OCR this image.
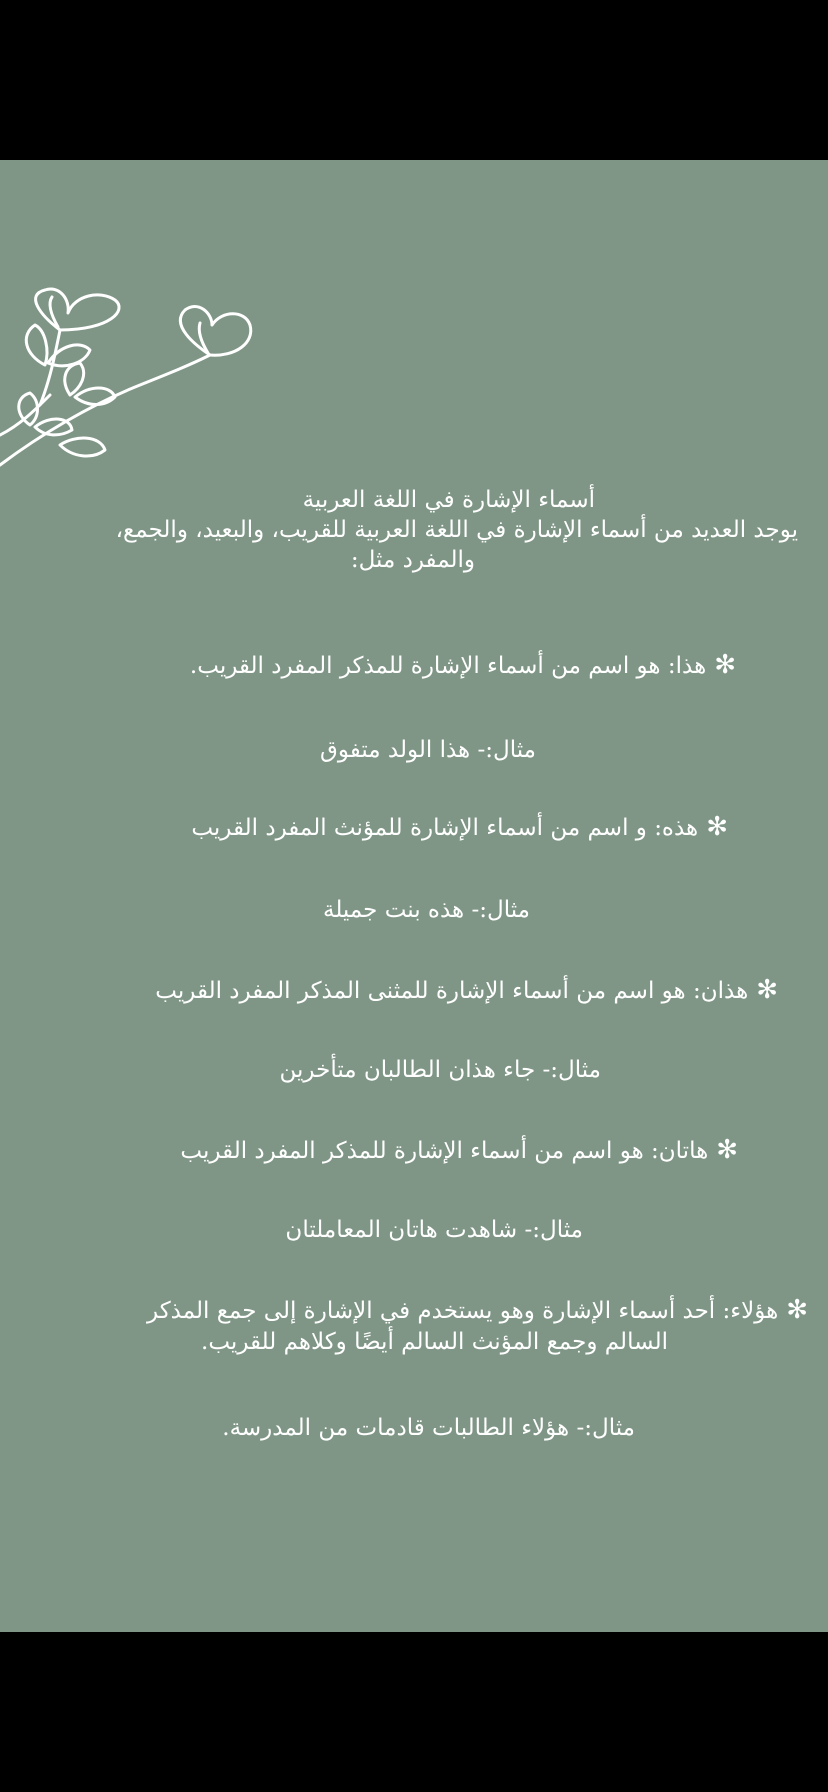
أسماء الإشارة في اللغة العربية
يوجد العديد من أسماء الإشارة في اللغة العربية للقريب، والبعيد، والجمع،
والمفرد مثل:
✻هذا: هو اسم من أسماء الإشارة للمذكر المفرد القريب.
مثال:- هذا الولد متفوق
✻هذه: و اسم من أسماء الإشارة للمؤنث المفرد القريب
مثال:- هذه بنت جميلة
✻هذان: هو اسم من أسماء الإشارة للمثنى المذكر المفرد القريب
مثال:- جاء هذان الطالبان متأخرين
✻هاتان: هو اسم من أسماء الإشارة للمذكر المفرد القريب
مثال:- شاهدت هاتان المعاملتان
✻هؤلاء: أحد أسماء الإشارة وهو يستخدم في الإشارة إلى جمع المذكر
السالم وجمع المؤنث السالم أيضًا وكلاهم للقريب.
مثال:- هؤلاء الطالبات قادمات من المدرسة.
